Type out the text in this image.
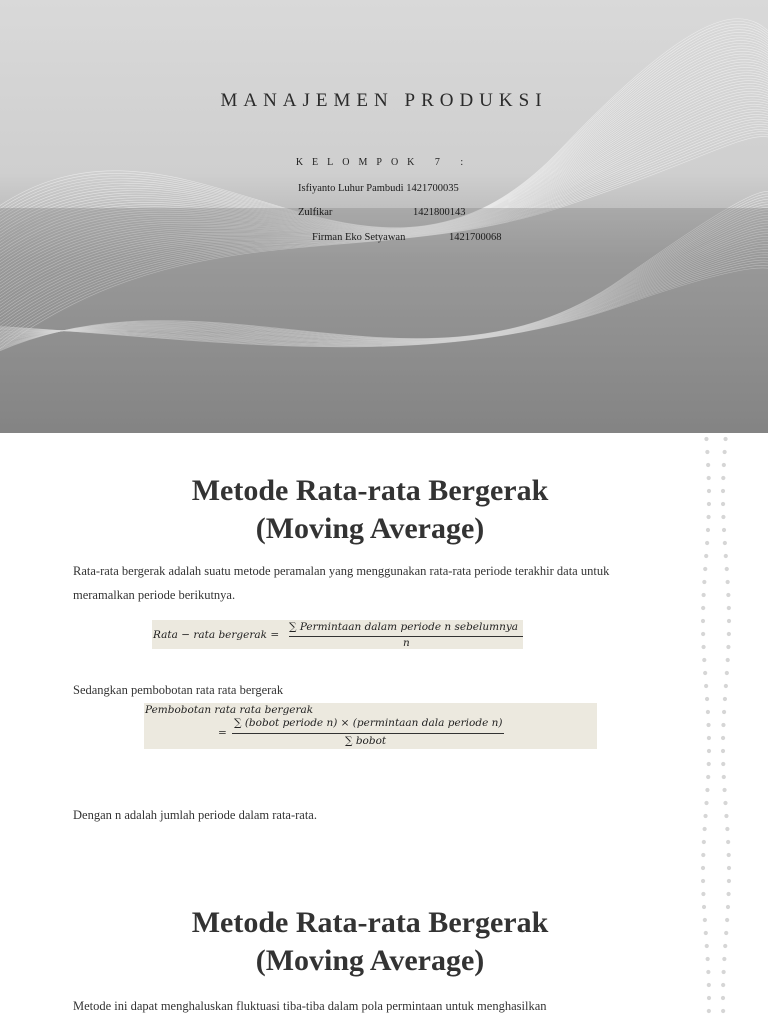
MANAJEMEN PRODUKSI
KELOMPOK 7 :
Isfiyanto Luhur Pambudi 1421700035
Zulfikar	1421800143
Firman Eko Setyawan	1421700068
Metode Rata-rata Bergerak
(Moving Average)
Rata-rata bergerak adalah suatu metode peramalan yang menggunakan rata-rata periode terakhir data untuk meramalkan periode berikutnya.
Rata − rata bergerak =
∑ Permintaan dalam periode n sebelumnya
n
Sedangkan pembobotan rata rata bergerak
Pembobotan rata rata bergerak
=
∑ (bobot periode n) × (permintaan dala periode n)
∑ bobot
Dengan n adalah jumlah periode dalam rata-rata.
Metode Rata-rata Bergerak
(Moving Average)
Metode ini dapat menghaluskan fluktuasi tiba-tiba dalam pola permintaan untuk menghasilkan
